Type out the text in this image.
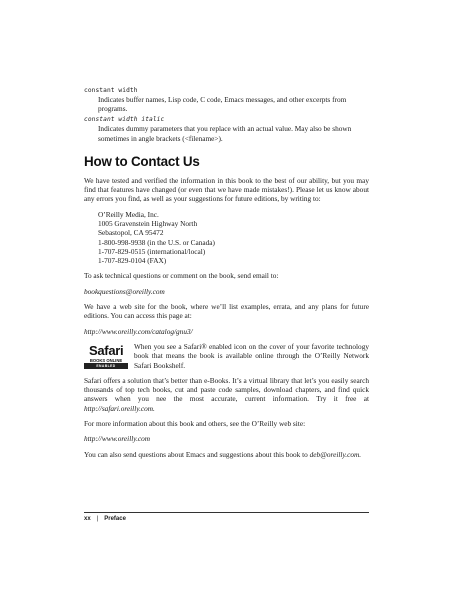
constant width
Indicates buffer names, Lisp code, C code, Emacs messages, and other excerpts from programs.
constant width italic
Indicates dummy parameters that you replace with an actual value. May also be shown sometimes in angle brackets (<filename>).
How to Contact Us

We have tested and verified the information in this book to the best of our ability, but you may find that features have changed (or even that we have made mistakes!). Please let us know about any errors you find, as well as your suggestions for future editions, by writing to:

O’Reilly Media, Inc.
1005 Gravenstein Highway North
Sebastopol, CA 95472
1-800-998-9938 (in the U.S. or Canada)
1-707-829-0515 (international/local)
1-707-829-0104 (FAX)

To ask technical questions or comment on the book, send email to:

bookquestions@oreilly.com

We have a web site for the book, where we’ll list examples, errata, and any plans for future editions. You can access this page at:

http://www.oreilly.com/catalog/gnu3/

Safari
BOOKS ONLINE
ENABLED

When you see a Safari® enabled icon on the cover of your favorite technology book that means the book is available online through the O’Reilly Network Safari Bookshelf.

Safari offers a solution that’s better than e-Books. It’s a virtual library that let’s you easily search thousands of top tech books, cut and paste code samples, download chapters, and find quick answers when you nee the most accurate, current information. Try it free at http://safari.oreilly.com.

For more information about this book and others, see the O’Reilly web site:

http://www.oreilly.com

You can also send questions about Emacs and suggestions about this book to deb@oreilly.com.

xx | Preface
